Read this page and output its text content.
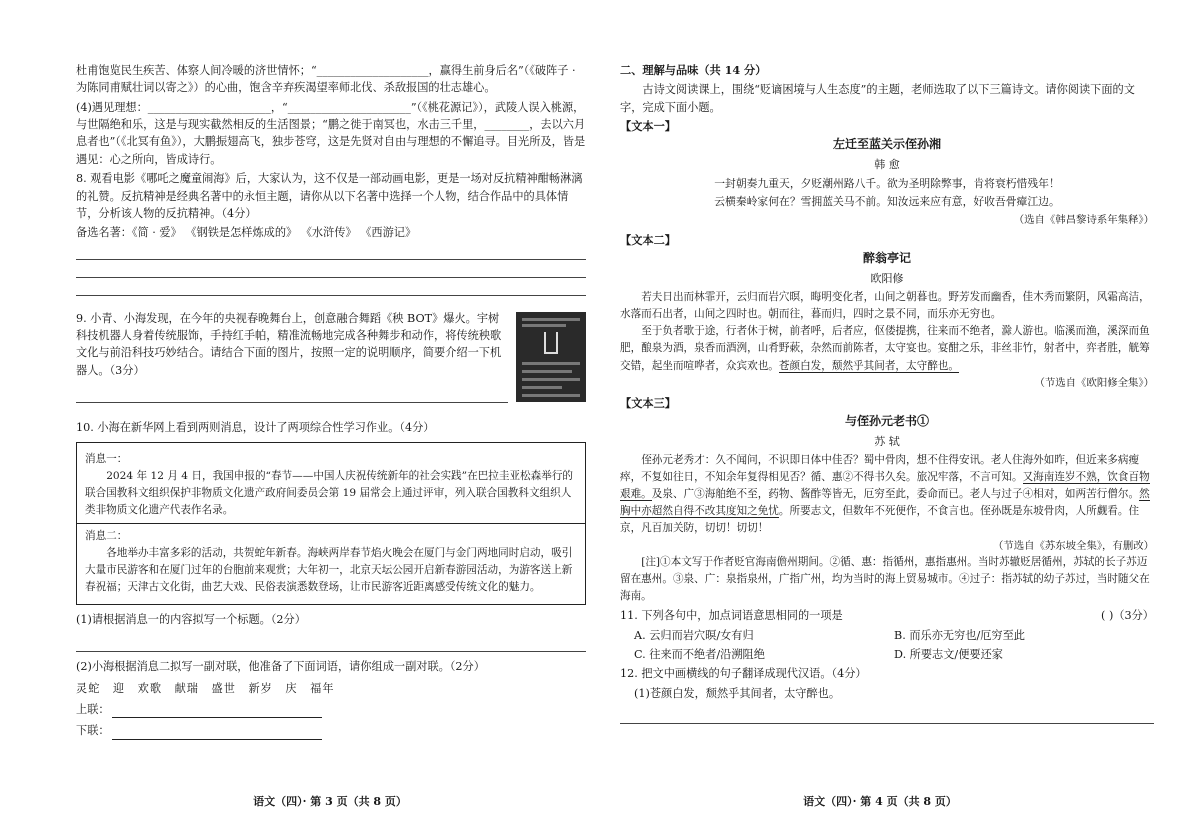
杜甫饱览民生疾苦、体察人间冷暖的济世情怀；“____________________，赢得生前身后名”（《破阵子 · 为陈同甫赋壮词以寄之》）的心曲，饱含辛弃疾渴望率师北伐、杀敌报国的壮志雄心。
(4)遇见理想：______________________，“______________________”（《桃花源记》），武陵人误入桃源，与世隔绝和乐，这是与现实截然相反的生活图景；“鹏之徙于南冥也，水击三千里，________，去以六月息者也”（《北冥有鱼》），大鹏振翅高飞，独步苍穹，这是先贤对自由与理想的不懈追寻。目光所及，皆是遇见：心之所向，皆成诗行。
8. 观看电影《哪吒之魔童闹海》后，大家认为，这不仅是一部动画电影，更是一场对反抗精神酣畅淋漓的礼赞。反抗精神是经典名著中的永恒主题，请你从以下名著中选择一个人物，结合作品中的具体情节，分析该人物的反抗精神。（4分）
备选名著：《简 · 爱》 《钢铁是怎样炼成的》 《水浒传》 《西游记》
9. 小青、小海发现，在今年的央视春晚舞台上，创意融合舞蹈《秧 BOT》爆火。宇树科技机器人身着传统服饰，手持红手帕，精准流畅地完成各种舞步和动作，将传统秧歌文化与前沿科技巧妙结合。请结合下面的图片，按照一定的说明顺序，简要介绍一下机器人。（3分）
10. 小海在新华网上看到两则消息，设计了两项综合性学习作业。（4分）
消息一：
2024 年 12 月 4 日，我国申报的“春节——中国人庆祝传统新年的社会实践”在巴拉圭亚松森举行的联合国教科文组织保护非物质文化遗产政府间委员会第 19 届常会上通过评审，列入联合国教科文组织人类非物质文化遗产代表作名录。
消息二：
各地举办丰富多彩的活动，共贺蛇年新春。海峡两岸春节焰火晚会在厦门与金门两地同时启动，吸引大量市民游客和在厦门过年的台胞前来观赏；大年初一，北京天坛公园开启新春游园活动，为游客送上新春祝福；天津古文化街，曲艺大戏、民俗表演悉数登场，让市民游客近距离感受传统文化的魅力。
(1)请根据消息一的内容拟写一个标题。（2分）
(2)小海根据消息二拟写一副对联，他准备了下面词语，请你组成一副对联。（2分）
灵蛇 迎 欢歌 献瑞 盛世 新岁 庆 福年
上联：
下联：
语文（四）· 第 3 页（共 8 页）
二、理解与品味（共 14 分）
古诗文阅读课上，围绕“贬谪困境与人生态度”的主题，老师选取了以下三篇诗文。请你阅读下面的文字，完成下面小题。
【文本一】
左迁至蓝关示侄孙湘
韩 愈
一封朝奏九重天，夕贬潮州路八千。欲为圣明除弊事，肯将衰朽惜残年！
云横秦岭家何在？雪拥蓝关马不前。知汝远来应有意，好收吾骨瘴江边。
（选自《韩昌黎诗系年集释》）
【文本二】
醉翁亭记
欧阳修
若夫日出而林霏开，云归而岩穴暝，晦明变化者，山间之朝暮也。野芳发而幽香，佳木秀而繁阴，风霜高洁，水落而石出者，山间之四时也。朝而往，暮而归，四时之景不同，而乐亦无穷也。
至于负者歌于途，行者休于树，前者呼，后者应，伛偻提携，往来而不绝者，滁人游也。临溪而渔，溪深而鱼肥，酿泉为酒，泉香而酒洌，山肴野蔌，杂然而前陈者，太守宴也。宴酣之乐，非丝非竹，射者中，弈者胜，觥筹交错，起坐而喧哗者，众宾欢也。苍颜白发，颓然乎其间者，太守醉也。
（节选自《欧阳修全集》）
【文本三】
与侄孙元老书①
苏 轼
侄孙元老秀才：久不闻问，不识即日体中佳否？蜀中骨肉，想不住得安讯。老人住海外如昨，但近来多病瘦瘁，不复如往日，不知余年复得相见否？循、惠②不得书久矣。旅况牢落，不言可知。又海南连岁不熟，饮食百物艰难。及泉、广③海舶绝不至，药物、酱酢等皆无，厄穷至此，委命而已。老人与过子④相对，如两苦行僧尔。然胸中亦超然自得不改其度知之免忧。所要志文，但数年不死便作，不食言也。侄孙既是东坡骨肉，人所觑看。住京，凡百加关防，切切！切切！
（节选自《苏东坡全集》，有删改）
[注]①本文写于作者贬官海南儋州期间。②循、惠：指循州，惠指惠州。当时苏辙贬居循州，苏轼的长子苏迈留在惠州。③泉、广：泉指泉州，广指广州，均为当时的海上贸易城市。④过子：指苏轼的幼子苏过，当时随父在海南。
11. 下列各句中，加点词语意思相同的一项是	( )（3分）
A. 云归而岩穴暝/女有归	B. 而乐亦无穷也/厄穷至此
C. 往来而不绝者/沿溯阻绝	D. 所要志文/便要还家
12. 把文中画横线的句子翻译成现代汉语。（4分）
(1)苍颜白发，颓然乎其间者，太守醉也。
语文（四）· 第 4 页（共 8 页）
